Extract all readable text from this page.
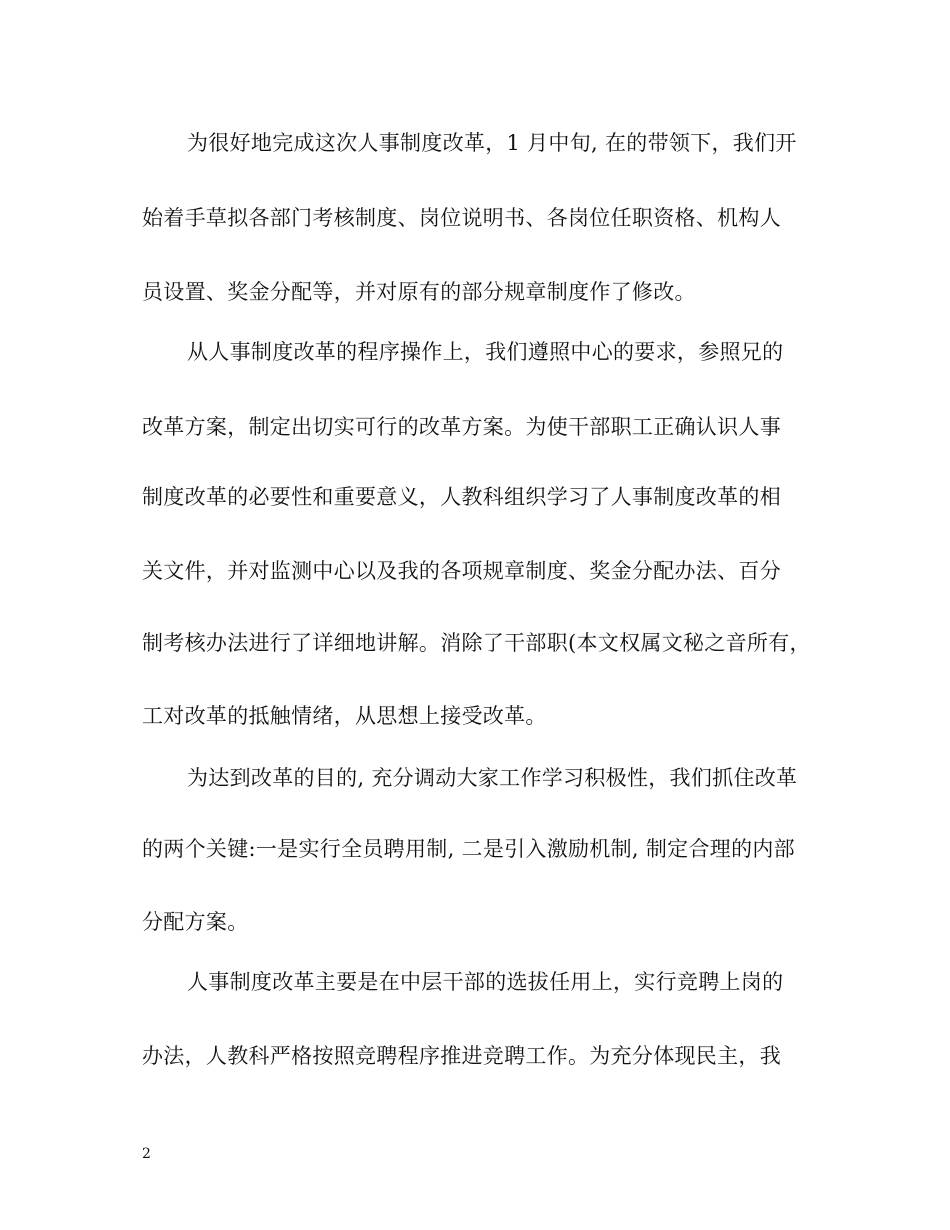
为很好地完成这次人事制度改革，1 月中旬, 在的带领下，我们开
始着手草拟各部门考核制度、岗位说明书、各岗位任职资格、机构人
员设置、奖金分配等，并对原有的部分规章制度作了修改。
从人事制度改革的程序操作上，我们遵照中心的要求，参照兄的
改革方案，制定出切实可行的改革方案。为使干部职工正确认识人事
制度改革的必要性和重要意义，人教科组织学习了人事制度改革的相
关文件，并对监测中心以及我的各项规章制度、奖金分配办法、百分
制考核办法进行了详细地讲解。消除了干部职(本文权属文秘之音所有，
工对改革的抵触情绪，从思想上接受改革。
为达到改革的目的, 充分调动大家工作学习积极性，我们抓住改革
的两个关键:一是实行全员聘用制, 二是引入激励机制, 制定合理的内部
分配方案。
人事制度改革主要是在中层干部的选拔任用上，实行竞聘上岗的
办法，人教科严格按照竞聘程序推进竞聘工作。为充分体现民主，我
2
